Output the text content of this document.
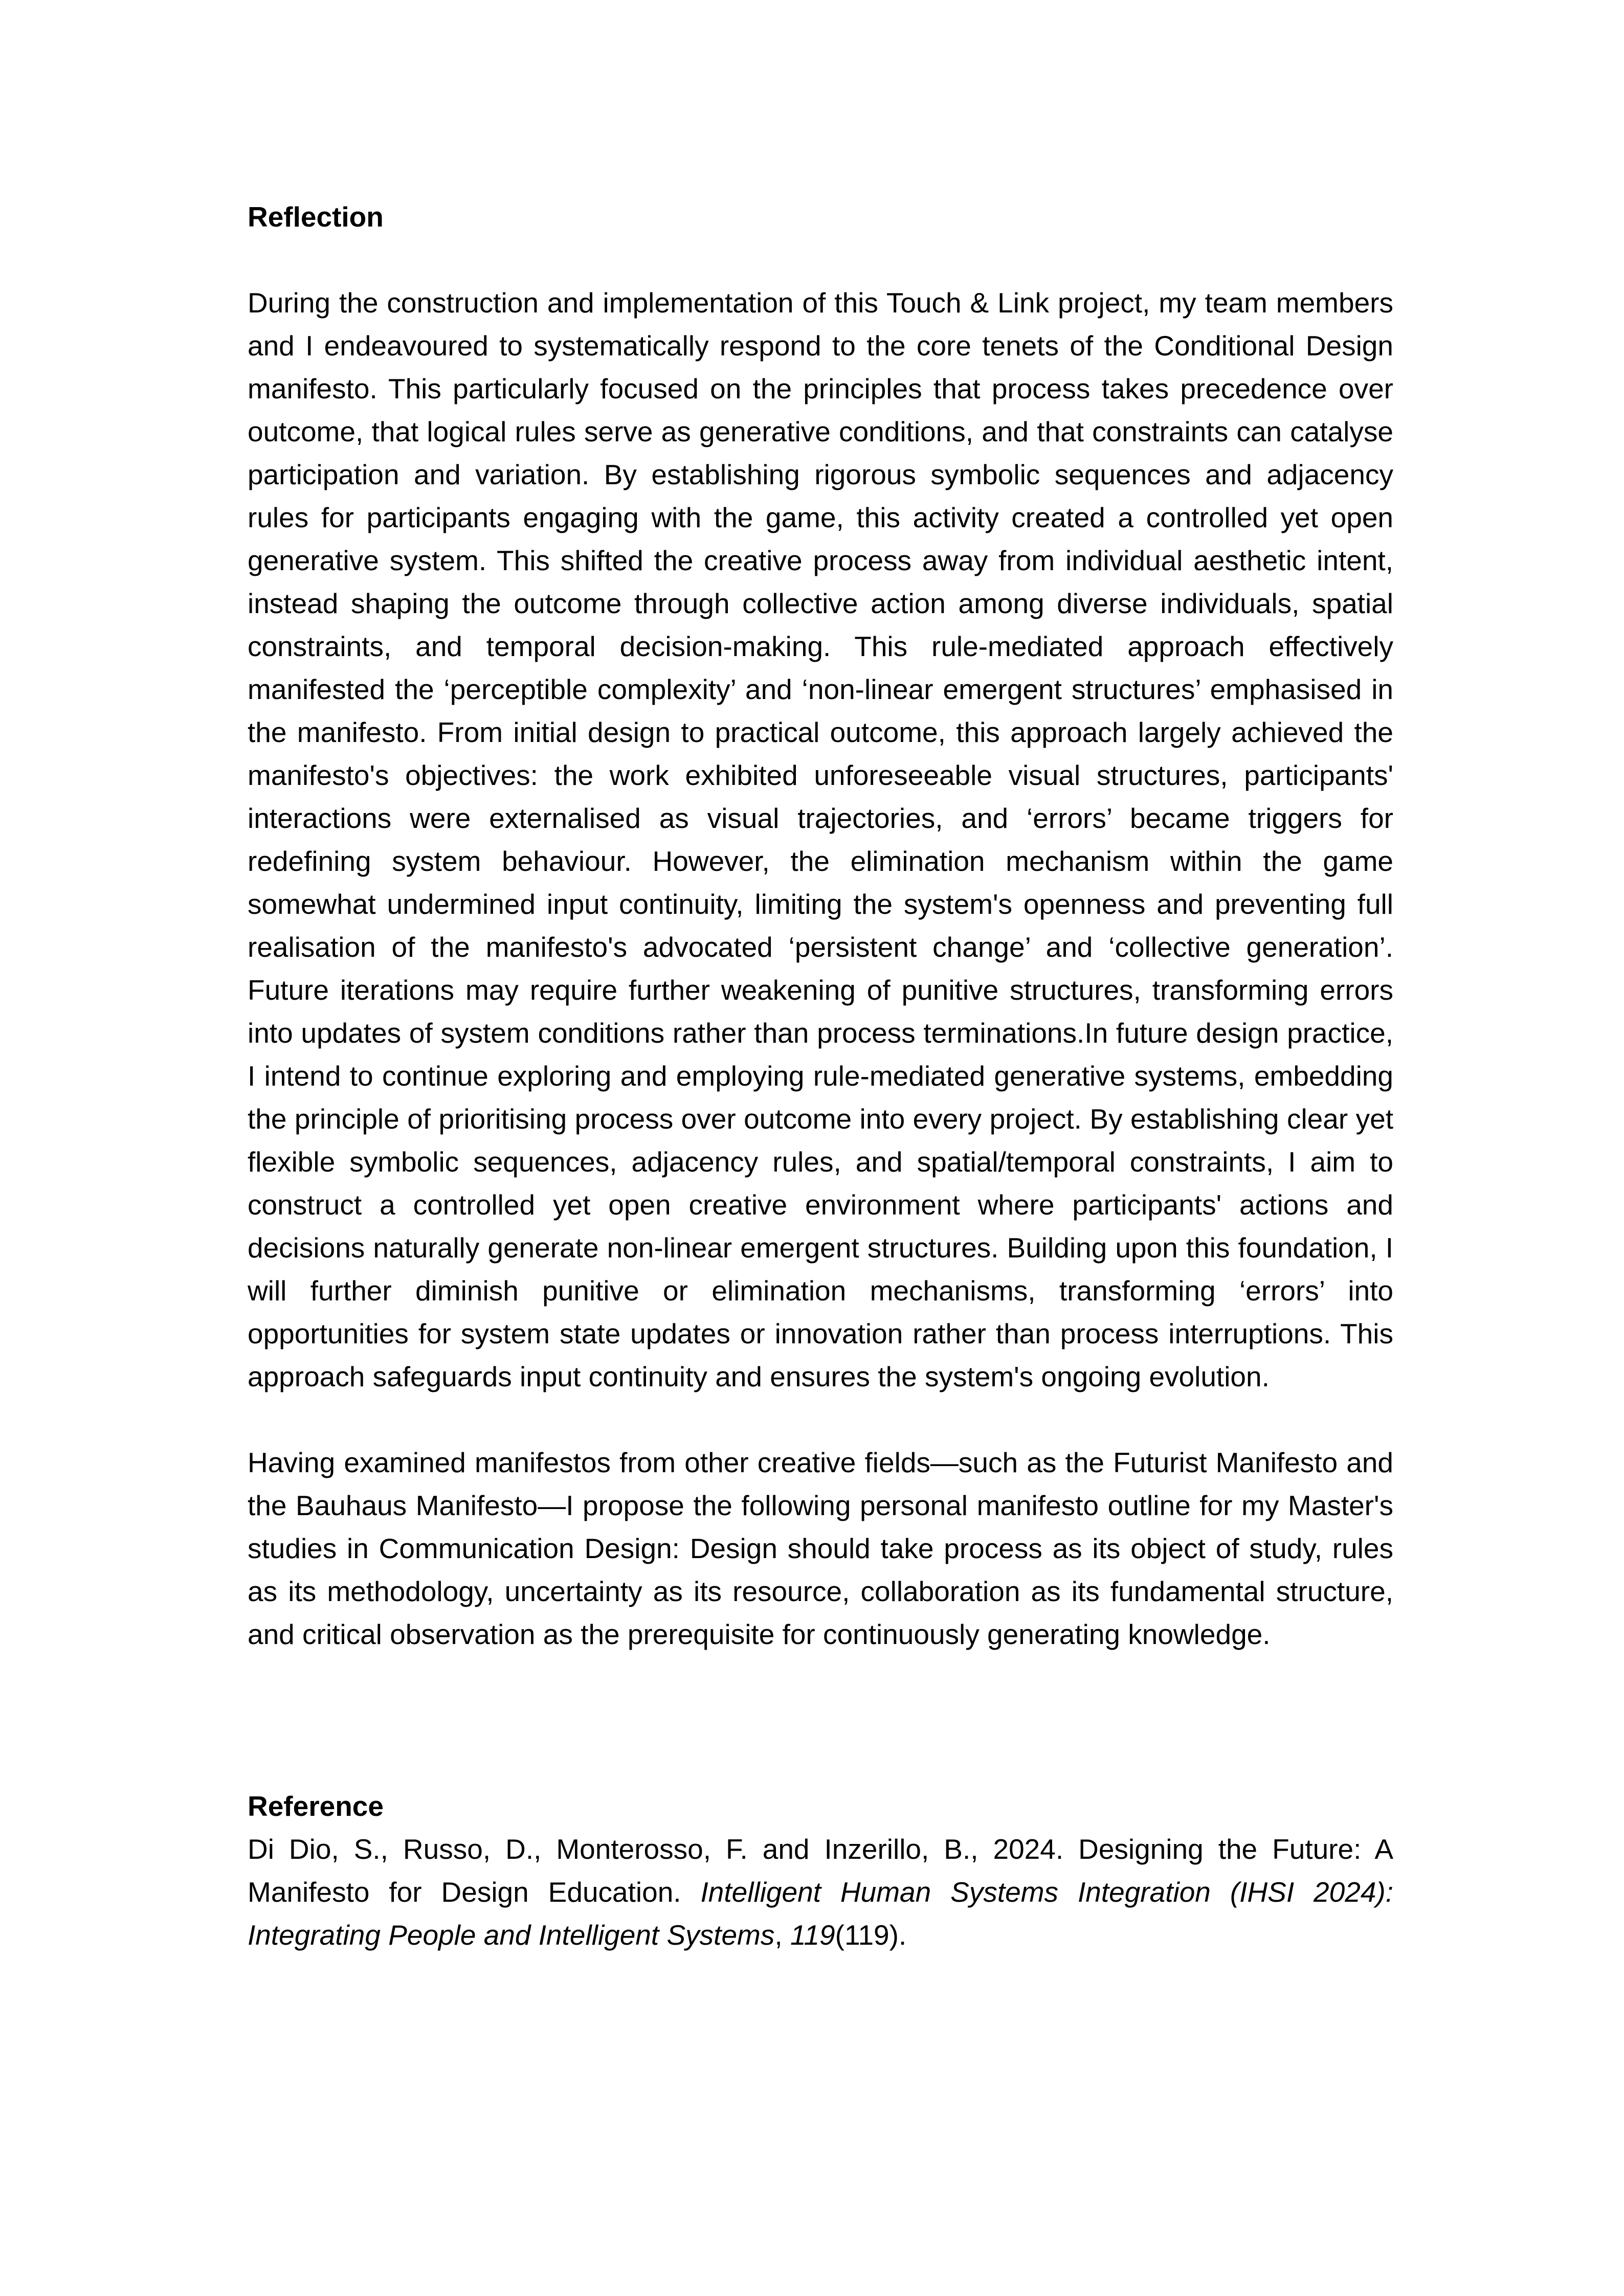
Reflection

During the construction and implementation of this Touch & Link project, my team members and I endeavoured to systematically respond to the core tenets of the Conditional Design manifesto. This particularly focused on the principles that process takes precedence over outcome, that logical rules serve as generative conditions, and that constraints can catalyse participation and variation. By establishing rigorous symbolic sequences and adjacency rules for participants engaging with the game, this activity created a controlled yet open generative system. This shifted the creative process away from individual aesthetic intent, instead shaping the outcome through collective action among diverse individuals, spatial constraints, and temporal decision-making. This rule-mediated approach effectively manifested the ‘perceptible complexity’ and ‘non-linear emergent structures’ emphasised in the manifesto. From initial design to practical outcome, this approach largely achieved the manifesto's objectives: the work exhibited unforeseeable visual structures, participants' interactions were externalised as visual trajectories, and ‘errors’ became triggers for redefining system behaviour. However, the elimination mechanism within the game somewhat undermined input continuity, limiting the system's openness and preventing full realisation of the manifesto's advocated ‘persistent change’ and ‘collective generation’. Future iterations may require further weakening of punitive structures, transforming errors into updates of system conditions rather than process terminations.In future design practice, I intend to continue exploring and employing rule-mediated generative systems, embedding the principle of prioritising process over outcome into every project. By establishing clear yet flexible symbolic sequences, adjacency rules, and spatial/temporal constraints, I aim to construct a controlled yet open creative environment where participants' actions and decisions naturally generate non-linear emergent structures. Building upon this foundation, I will further diminish punitive or elimination mechanisms, transforming ‘errors’ into opportunities for system state updates or innovation rather than process interruptions. This approach safeguards input continuity and ensures the system's ongoing evolution.

Having examined manifestos from other creative fields—such as the Futurist Manifesto and the Bauhaus Manifesto—I propose the following personal manifesto outline for my Master's studies in Communication Design: Design should take process as its object of study, rules as its methodology, uncertainty as its resource, collaboration as its fundamental structure, and critical observation as the prerequisite for continuously generating knowledge.

Reference

Di Dio, S., Russo, D., Monterosso, F. and Inzerillo, B., 2024. Designing the Future: A Manifesto for Design Education. Intelligent Human Systems Integration (IHSI 2024): Integrating People and Intelligent Systems, 119(119).
